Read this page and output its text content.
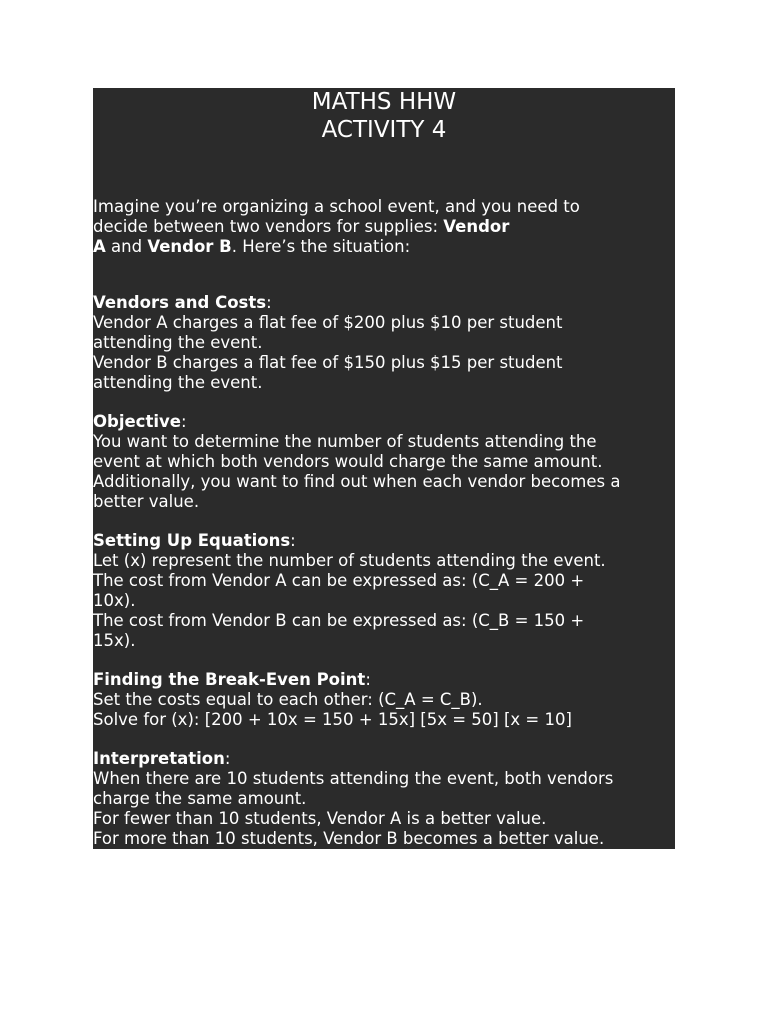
MATHS HHW
ACTIVITY 4

Imagine you’re organizing a school event, and you need to

decide between two vendors for supplies: Vendor

A and Vendor B. Here’s the situation:

1. Vendors and Costs:
o	Vendor A charges a flat fee of $200 plus $10 per student
attending the event.
o	Vendor B charges a flat fee of $150 plus $15 per student
attending the event.
o
2. Objective:
o	You want to determine the number of students attending the
event at which both vendors would charge the same amount.
o	Additionally, you want to find out when each vendor becomes a
better value.
o
3. Setting Up Equations:
o	Let (x) represent the number of students attending the event.
o	The cost from Vendor A can be expressed as: (C_A = 200 +
10x).
o	The cost from Vendor B can be expressed as: (C_B = 150 +
15x).
o
4. Finding the Break-Even Point:
o	Set the costs equal to each other: (C_A = C_B).
o	Solve for (x): [200 + 10x = 150 + 15x] [5x = 50] [x = 10]
o
5. Interpretation:
o	When there are 10 students attending the event, both vendors
charge the same amount.
o	For fewer than 10 students, Vendor A is a better value.
o	For more than 10 students, Vendor B becomes a better value.
